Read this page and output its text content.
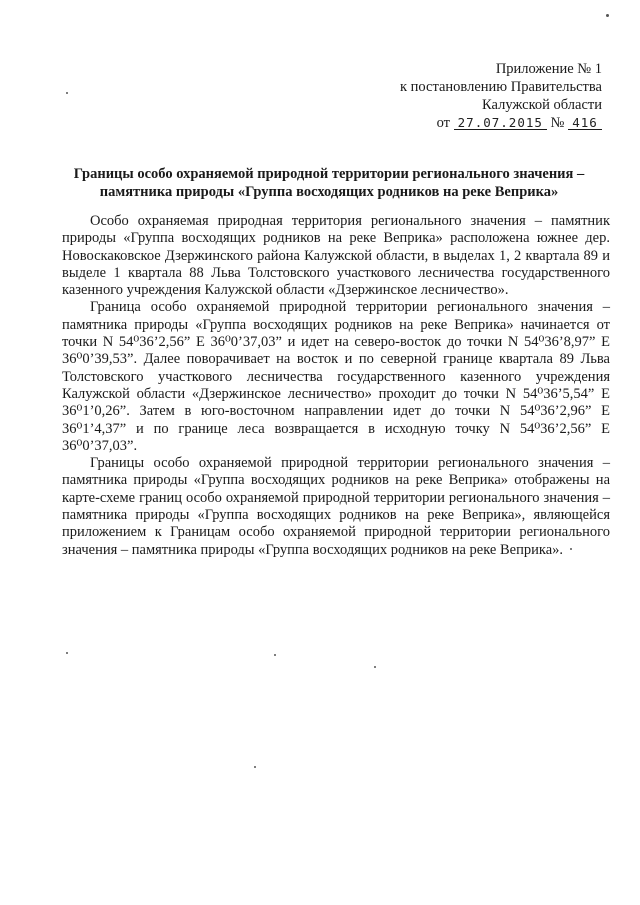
Приложение № 1
к постановлению Правительства
Калужской области
от 27.07.2015 № 416
Границы особо охраняемой природной территории регионального значения –
памятника природы «Группа восходящих родников на реке Веприка»

Особо охраняемая природная территория регионального значения – памятник природы «Группа восходящих родников на реке Веприка» расположена южнее дер. Новоскаковское Дзержинского района Калужской области, в выделах 1, 2 квартала 89 и выделе 1 квартала 88 Льва Толстовского участкового лесничества государственного казенного учреждения Калужской области «Дзержинское лесничество».

Граница особо охраняемой природной территории регионального значения – памятника природы «Группа восходящих родников на реке Веприка» начинается от точки N 54⁰36’2,56” E 36⁰0’37,03” и идет на северо-восток до точки N 54⁰36’8,97” E 36⁰0’39,53”. Далее поворачивает на восток и по северной границе квартала 89 Льва Толстовского участкового лесничества государственного казенного учреждения Калужской области «Дзержинское лесничество» проходит до точки N 54⁰36’5,54” E 36⁰1’0,26”. Затем в юго-восточном направлении идет до точки N 54⁰36’2,96” E 36⁰1’4,37” и по границе леса возвращается в исходную точку N 54⁰36’2,56” E 36⁰0’37,03”.

Границы особо охраняемой природной территории регионального значения – памятника природы «Группа восходящих родников на реке Веприка» отображены на карте-схеме границ особо охраняемой природной территории регионального значения – памятника природы «Группа восходящих родников на реке Веприка», являющейся приложением к Границам особо охраняемой природной территории регионального значения – памятника природы «Группа восходящих родников на реке Веприка».
